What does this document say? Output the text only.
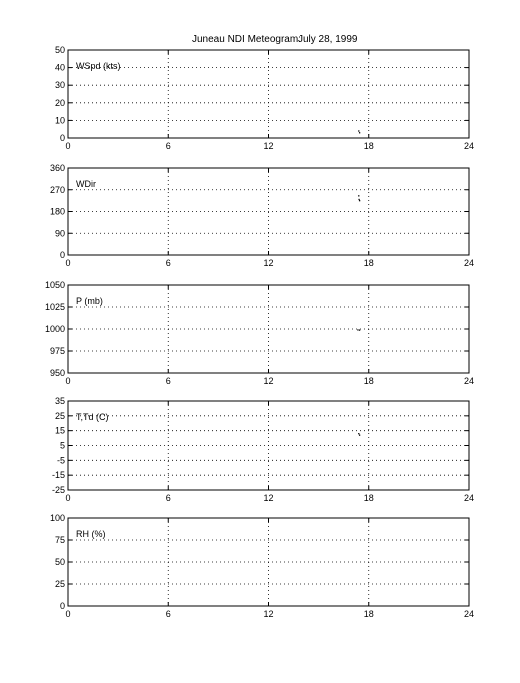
Juneau NDI Meteogram:
July 28, 1999
0	6	12	18	24
0
10
20
30
40
50
WSpd (kts)
0	6	12	18	24
0
90
180
270
360
WDir
0	6	12	18	24
950
975
1000
1025
1050
P (mb)
0	6	12	18	24
-25
-15
-5
5
15
25
35
T,Td (C)
0	6	12	18	24
0
25
50
75
100
RH (%)
